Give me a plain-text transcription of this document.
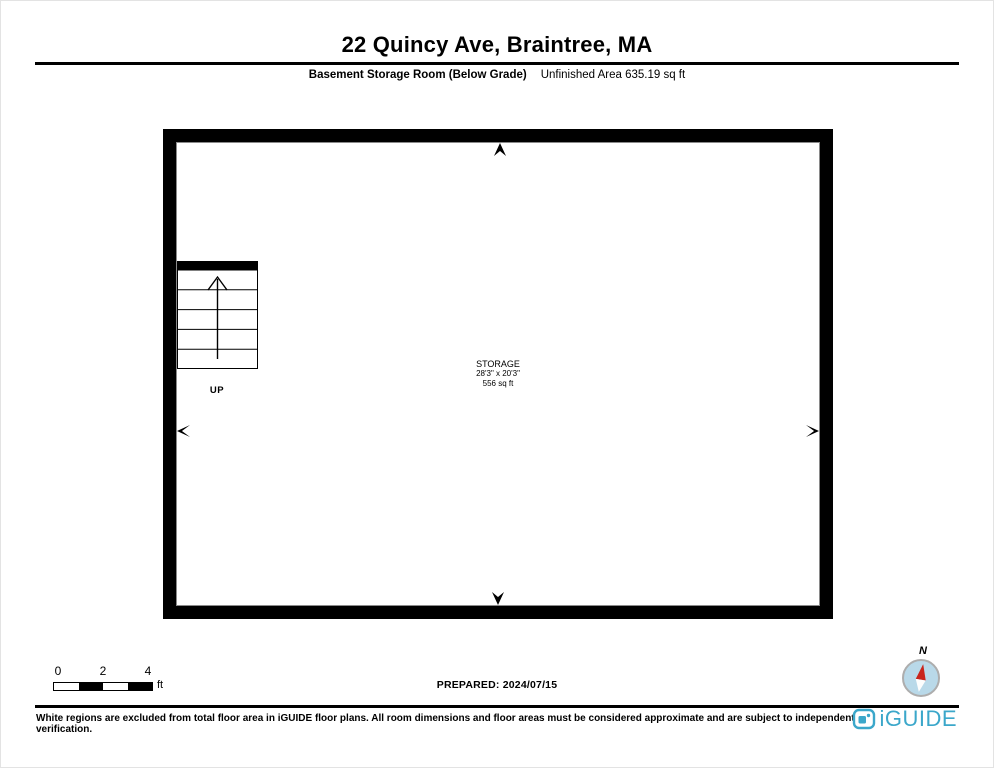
22 Quincy Ave, Braintree, MA
Basement Storage Room (Below Grade) Unfinished Area 635.19 sq ft
STORAGE
28'3" x 20'3"
556 sq ft
UP
0	2	4
ft	PREPARED: 2024/07/15
N
White regions are excluded from total floor area in iGUIDE floor plans. All room dimensions and floor areas must be considered approximate and are subject to independent verification.	iGUIDE
